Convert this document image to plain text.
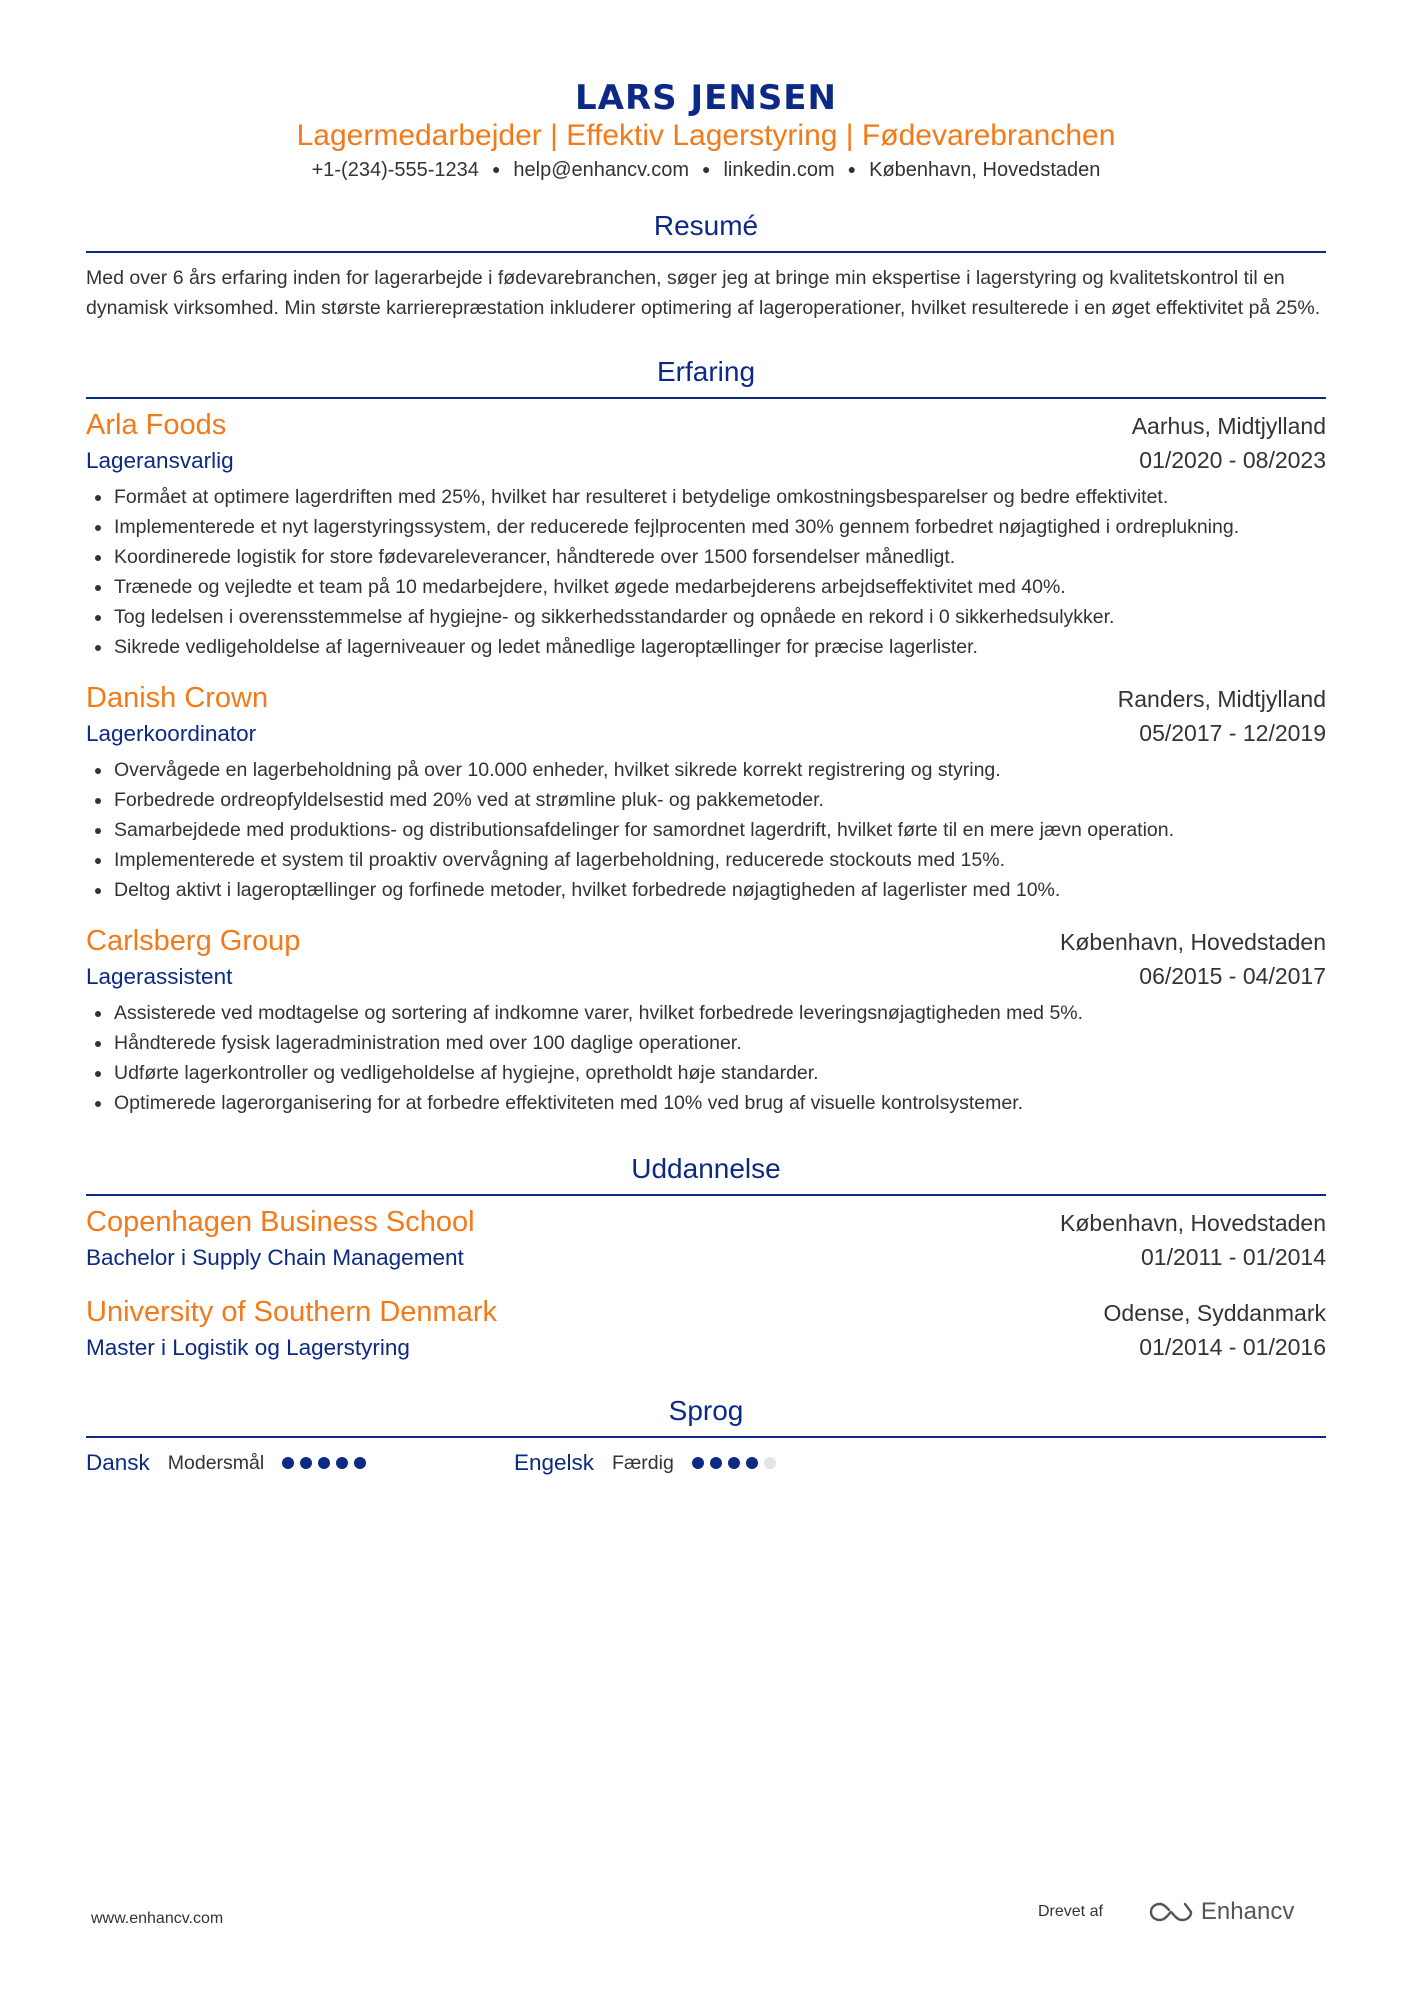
LARS JENSEN
Lagermedarbejder | Effektiv Lagerstyring | Fødevarebranchen
+1-(234)-555-1234 ● help@enhancv.com ● linkedin.com ● København, Hovedstaden
Resumé

Med over 6 års erfaring inden for lagerarbejde i fødevarebranchen, søger jeg at bringe min ekspertise i lagerstyring og kvalitetskontrol til en dynamisk virksomhed. Min største karrierepræstation inkluderer optimering af lageroperationer, hvilket resulterede i en øget effektivitet på 25%.

Erfaring
Arla Foods	Aarhus, Midtjylland
Lageransvarlig	01/2020 - 08/2023
Formået at optimere lagerdriften med 25%, hvilket har resulteret i betydelige omkostningsbesparelser og bedre effektivitet.
Implementerede et nyt lagerstyringssystem, der reducerede fejlprocenten med 30% gennem forbedret nøjagtighed i ordreplukning.
Koordinerede logistik for store fødevareleverancer, håndterede over 1500 forsendelser månedligt.
Trænede og vejledte et team på 10 medarbejdere, hvilket øgede medarbejderens arbejdseffektivitet med 40%.
Tog ledelsen i overensstemmelse af hygiejne- og sikkerhedsstandarder og opnåede en rekord i 0 sikkerhedsulykker.
Sikrede vedligeholdelse af lagerniveauer og ledet månedlige lageroptællinger for præcise lagerlister.
Danish Crown	Randers, Midtjylland
Lagerkoordinator	05/2017 - 12/2019
Overvågede en lagerbeholdning på over 10.000 enheder, hvilket sikrede korrekt registrering og styring.
Forbedrede ordreopfyldelsestid med 20% ved at strømline pluk- og pakkemetoder.
Samarbejdede med produktions- og distributionsafdelinger for samordnet lagerdrift, hvilket førte til en mere jævn operation.
Implementerede et system til proaktiv overvågning af lagerbeholdning, reducerede stockouts med 15%.
Deltog aktivt i lageroptællinger og forfinede metoder, hvilket forbedrede nøjagtigheden af lagerlister med 10%.
Carlsberg Group	København, Hovedstaden
Lagerassistent	06/2015 - 04/2017
Assisterede ved modtagelse og sortering af indkomne varer, hvilket forbedrede leveringsnøjagtigheden med 5%.
Håndterede fysisk lageradministration med over 100 daglige operationer.
Udførte lagerkontroller og vedligeholdelse af hygiejne, opretholdt høje standarder.
Optimerede lagerorganisering for at forbedre effektiviteten med 10% ved brug af visuelle kontrolsystemer.
Uddannelse
Copenhagen Business School	København, Hovedstaden
Bachelor i Supply Chain Management	01/2011 - 01/2014
University of Southern Denmark	Odense, Syddanmark
Master i Logistik og Lagerstyring	01/2014 - 01/2016
Sprog
Dansk Modersmål	Engelsk Færdig
www.enhancv.com	Drevet af	Enhancv
